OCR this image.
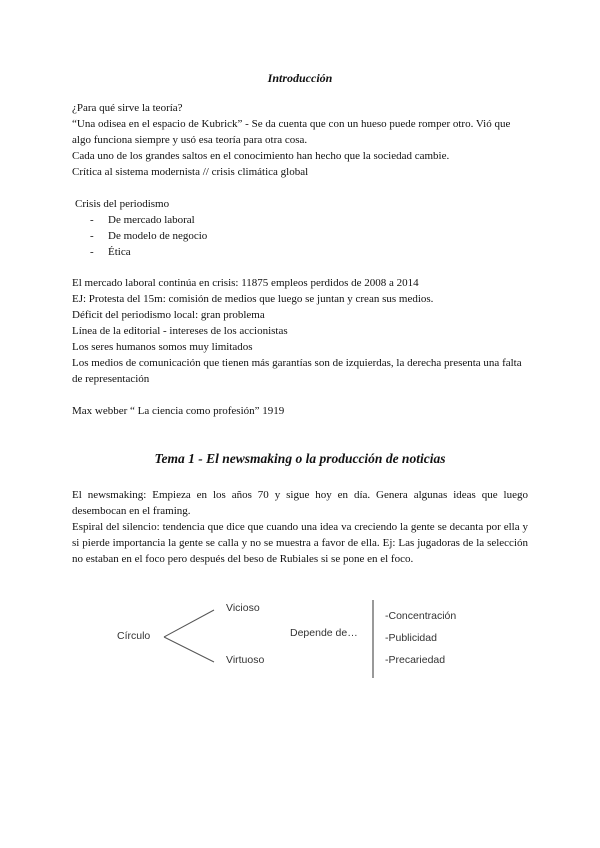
Introducción
¿Para qué sirve la teoría?
“Una odisea en el espacio de Kubrick” - Se da cuenta que con un hueso puede romper otro. Vió que
algo funciona siempre y usó esa teoría para otra cosa.
Cada uno de los grandes saltos en el conocimiento han hecho que la sociedad cambie.
Crítica al sistema modernista // crisis climática global
Crisis del periodismo
- De mercado laboral
- De modelo de negocio
- Ética
El mercado laboral continúa en crisis: 11875 empleos perdidos de 2008 a 2014
EJ: Protesta del 15m: comisión de medios que luego se juntan y crean sus medios.
Déficit del periodismo local: gran problema
Línea de la editorial - intereses de los accionistas
Los seres humanos somos muy limitados
Los medios de comunicación que tienen más garantías son de izquierdas, la derecha presenta una falta
de representación
Max webber “ La ciencia como profesión” 1919
Tema 1 - El newsmaking o la producción de noticias
El newsmaking: Empieza en los años 70 y sigue hoy en día. Genera algunas ideas que luego desembocan en el framing.
Espiral del silencio: tendencia que dice que cuando una idea va creciendo la gente se decanta por ella y si pierde importancia la gente se calla y no se muestra a favor de ella. Ej: Las jugadoras de la selección no estaban en el foco pero después del beso de Rubiales si se pone en el foco.
Círculo
Vicioso
Virtuoso
Depende de…
-Concentración
-Publicidad
-Precariedad
